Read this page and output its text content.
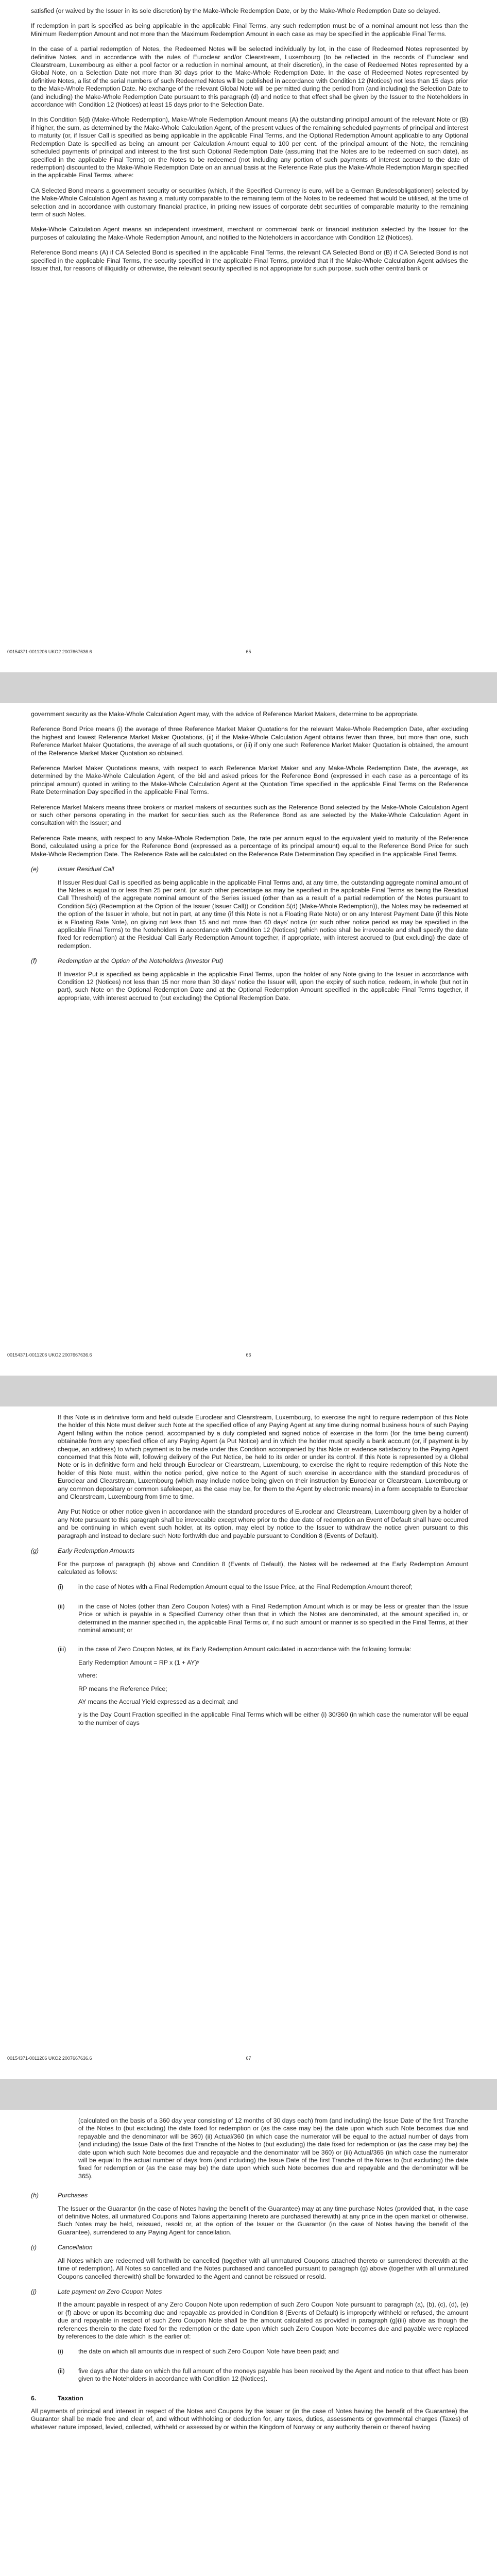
satisfied (or waived by the Issuer in its sole discretion) by the Make-Whole Redemption Date, or by the Make-Whole Redemption Date so delayed.

If redemption in part is specified as being applicable in the applicable Final Terms, any such redemption must be of a nominal amount not less than the Minimum Redemption Amount and not more than the Maximum Redemption Amount in each case as may be specified in the applicable Final Terms.

In the case of a partial redemption of Notes, the Redeemed Notes will be selected individually by lot, in the case of Redeemed Notes represented by definitive Notes, and in accordance with the rules of Euroclear and/or Clearstream, Luxembourg (to be reflected in the records of Euroclear and Clearstream, Luxembourg as either a pool factor or a reduction in nominal amount, at their discretion), in the case of Redeemed Notes represented by a Global Note, on a Selection Date not more than 30 days prior to the Make-Whole Redemption Date. In the case of Redeemed Notes represented by definitive Notes, a list of the serial numbers of such Redeemed Notes will be published in accordance with Condition 12 (Notices) not less than 15 days prior to the Make-Whole Redemption Date. No exchange of the relevant Global Note will be permitted during the period from (and including) the Selection Date to (and including) the Make-Whole Redemption Date pursuant to this paragraph (d) and notice to that effect shall be given by the Issuer to the Noteholders in accordance with Condition 12 (Notices) at least 15 days prior to the Selection Date.

In this Condition 5(d) (Make-Whole Redemption), Make-Whole Redemption Amount means (A) the outstanding principal amount of the relevant Note or (B) if higher, the sum, as determined by the Make-Whole Calculation Agent, of the present values of the remaining scheduled payments of principal and interest to maturity (or, if Issuer Call is specified as being applicable in the applicable Final Terms, and the Optional Redemption Amount applicable to any Optional Redemption Date is specified as being an amount per Calculation Amount equal to 100 per cent. of the principal amount of the Note, the remaining scheduled payments of principal and interest to the first such Optional Redemption Date (assuming that the Notes are to be redeemed on such date), as specified in the applicable Final Terms) on the Notes to be redeemed (not including any portion of such payments of interest accrued to the date of redemption) discounted to the Make-Whole Redemption Date on an annual basis at the Reference Rate plus the Make-Whole Redemption Margin specified in the applicable Final Terms, where:

CA Selected Bond means a government security or securities (which, if the Specified Currency is euro, will be a German Bundesobligationen) selected by the Make-Whole Calculation Agent as having a maturity comparable to the remaining term of the Notes to be redeemed that would be utilised, at the time of selection and in accordance with customary financial practice, in pricing new issues of corporate debt securities of comparable maturity to the remaining term of such Notes.

Make-Whole Calculation Agent means an independent investment, merchant or commercial bank or financial institution selected by the Issuer for the purposes of calculating the Make-Whole Redemption Amount, and notified to the Noteholders in accordance with Condition 12 (Notices).

Reference Bond means (A) if CA Selected Bond is specified in the applicable Final Terms, the relevant CA Selected Bond or (B) if CA Selected Bond is not specified in the applicable Final Terms, the security specified in the applicable Final Terms, provided that if the Make-Whole Calculation Agent advises the Issuer that, for reasons of illiquidity or otherwise, the relevant security specified is not appropriate for such purpose, such other central bank or

00154371-0011206 UKO2 2007667636.6	65

government security as the Make-Whole Calculation Agent may, with the advice of Reference Market Makers, determine to be appropriate.

Reference Bond Price means (i) the average of three Reference Market Maker Quotations for the relevant Make-Whole Redemption Date, after excluding the highest and lowest Reference Market Maker Quotations, (ii) if the Make-Whole Calculation Agent obtains fewer than three, but more than one, such Reference Market Maker Quotations, the average of all such quotations, or (iii) if only one such Reference Market Maker Quotation is obtained, the amount of the Reference Market Maker Quotation so obtained.

Reference Market Maker Quotations means, with respect to each Reference Market Maker and any Make-Whole Redemption Date, the average, as determined by the Make-Whole Calculation Agent, of the bid and asked prices for the Reference Bond (expressed in each case as a percentage of its principal amount) quoted in writing to the Make-Whole Calculation Agent at the Quotation Time specified in the applicable Final Terms on the Reference Rate Determination Day specified in the applicable Final Terms.

Reference Market Makers means three brokers or market makers of securities such as the Reference Bond selected by the Make-Whole Calculation Agent or such other persons operating in the market for securities such as the Reference Bond as are selected by the Make-Whole Calculation Agent in consultation with the Issuer; and

Reference Rate means, with respect to any Make-Whole Redemption Date, the rate per annum equal to the equivalent yield to maturity of the Reference Bond, calculated using a price for the Reference Bond (expressed as a percentage of its principal amount) equal to the Reference Bond Price for such Make-Whole Redemption Date. The Reference Rate will be calculated on the Reference Rate Determination Day specified in the applicable Final Terms.

(e)	Issuer Residual Call

If Issuer Residual Call is specified as being applicable in the applicable Final Terms and, at any time, the outstanding aggregate nominal amount of the Notes is equal to or less than 25 per cent. (or such other percentage as may be specified in the applicable Final Terms as being the Residual Call Threshold) of the aggregate nominal amount of the Series issued (other than as a result of a partial redemption of the Notes pursuant to Condition 5(c) (Redemption at the Option of the Issuer (Issuer Call)) or Condition 5(d) (Make-Whole Redemption)), the Notes may be redeemed at the option of the Issuer in whole, but not in part, at any time (if this Note is not a Floating Rate Note) or on any Interest Payment Date (if this Note is a Floating Rate Note), on giving not less than 15 and not more than 60 days' notice (or such other notice period as may be specified in the applicable Final Terms) to the Noteholders in accordance with Condition 12 (Notices) (which notice shall be irrevocable and shall specify the date fixed for redemption) at the Residual Call Early Redemption Amount together, if appropriate, with interest accrued to (but excluding) the date of redemption.

(f)	Redemption at the Option of the Noteholders (Investor Put)

If Investor Put is specified as being applicable in the applicable Final Terms, upon the holder of any Note giving to the Issuer in accordance with Condition 12 (Notices) not less than 15 nor more than 30 days' notice the Issuer will, upon the expiry of such notice, redeem, in whole (but not in part), such Note on the Optional Redemption Date and at the Optional Redemption Amount specified in the applicable Final Terms together, if appropriate, with interest accrued to (but excluding) the Optional Redemption Date.

00154371-0011206 UKO2 2007667636.6	66

If this Note is in definitive form and held outside Euroclear and Clearstream, Luxembourg, to exercise the right to require redemption of this Note the holder of this Note must deliver such Note at the specified office of any Paying Agent at any time during normal business hours of such Paying Agent falling within the notice period, accompanied by a duly completed and signed notice of exercise in the form (for the time being current) obtainable from any specified office of any Paying Agent (a Put Notice) and in which the holder must specify a bank account (or, if payment is by cheque, an address) to which payment is to be made under this Condition accompanied by this Note or evidence satisfactory to the Paying Agent concerned that this Note will, following delivery of the Put Notice, be held to its order or under its control. If this Note is represented by a Global Note or is in definitive form and held through Euroclear or Clearstream, Luxembourg, to exercise the right to require redemption of this Note the holder of this Note must, within the notice period, give notice to the Agent of such exercise in accordance with the standard procedures of Euroclear and Clearstream, Luxembourg (which may include notice being given on their instruction by Euroclear or Clearstream, Luxembourg or any common depositary or common safekeeper, as the case may be, for them to the Agent by electronic means) in a form acceptable to Euroclear and Clearstream, Luxembourg from time to time.

Any Put Notice or other notice given in accordance with the standard procedures of Euroclear and Clearstream, Luxembourg given by a holder of any Note pursuant to this paragraph shall be irrevocable except where prior to the due date of redemption an Event of Default shall have occurred and be continuing in which event such holder, at its option, may elect by notice to the Issuer to withdraw the notice given pursuant to this paragraph and instead to declare such Note forthwith due and payable pursuant to Condition 8 (Events of Default).

(g)	Early Redemption Amounts

For the purpose of paragraph (b) above and Condition 8 (Events of Default), the Notes will be redeemed at the Early Redemption Amount calculated as follows:

(i)	in the case of Notes with a Final Redemption Amount equal to the Issue Price, at the Final Redemption Amount thereof;

(ii)	in the case of Notes (other than Zero Coupon Notes) with a Final Redemption Amount which is or may be less or greater than the Issue Price or which is payable in a Specified Currency other than that in which the Notes are denominated, at the amount specified in, or determined in the manner specified in, the applicable Final Terms or, if no such amount or manner is so specified in the Final Terms, at their nominal amount; or

(iii)	in the case of Zero Coupon Notes, at its Early Redemption Amount calculated in accordance with the following formula:

Early Redemption Amount = RP x (1 + AY)ʸ

where:

RP means the Reference Price;

AY means the Accrual Yield expressed as a decimal; and

y is the Day Count Fraction specified in the applicable Final Terms which will be either (i) 30/360 (in which case the numerator will be equal to the number of days

00154371-0011206 UKO2 2007667636.6	67

(calculated on the basis of a 360 day year consisting of 12 months of 30 days each) from (and including) the Issue Date of the first Tranche of the Notes to (but excluding) the date fixed for redemption or (as the case may be) the date upon which such Note becomes due and repayable and the denominator will be 360) (ii) Actual/360 (in which case the numerator will be equal to the actual number of days from (and including) the Issue Date of the first Tranche of the Notes to (but excluding) the date fixed for redemption or (as the case may be) the date upon which such Note becomes due and repayable and the denominator will be 360) or (iii) Actual/365 (in which case the numerator will be equal to the actual number of days from (and including) the Issue Date of the first Tranche of the Notes to (but excluding) the date fixed for redemption or (as the case may be) the date upon which such Note becomes due and repayable and the denominator will be 365).

(h)	Purchases

The Issuer or the Guarantor (in the case of Notes having the benefit of the Guarantee) may at any time purchase Notes (provided that, in the case of definitive Notes, all unmatured Coupons and Talons appertaining thereto are purchased therewith) at any price in the open market or otherwise. Such Notes may be held, reissued, resold or, at the option of the Issuer or the Guarantor (in the case of Notes having the benefit of the Guarantee), surrendered to any Paying Agent for cancellation.

(i)	Cancellation

All Notes which are redeemed will forthwith be cancelled (together with all unmatured Coupons attached thereto or surrendered therewith at the time of redemption). All Notes so cancelled and the Notes purchased and cancelled pursuant to paragraph (g) above (together with all unmatured Coupons cancelled therewith) shall be forwarded to the Agent and cannot be reissued or resold.

(j)	Late payment on Zero Coupon Notes

If the amount payable in respect of any Zero Coupon Note upon redemption of such Zero Coupon Note pursuant to paragraph (a), (b), (c), (d), (e) or (f) above or upon its becoming due and repayable as provided in Condition 8 (Events of Default) is improperly withheld or refused, the amount due and repayable in respect of such Zero Coupon Note shall be the amount calculated as provided in paragraph (g)(iii) above as though the references therein to the date fixed for the redemption or the date upon which such Zero Coupon Note becomes due and payable were replaced by references to the date which is the earlier of:

(i)	the date on which all amounts due in respect of such Zero Coupon Note have been paid; and

(ii)	five days after the date on which the full amount of the moneys payable has been received by the Agent and notice to that effect has been given to the Noteholders in accordance with Condition 12 (Notices).

6.	Taxation

All payments of principal and interest in respect of the Notes and Coupons by the Issuer or (in the case of Notes having the benefit of the Guarantee) the Guarantor shall be made free and clear of, and without withholding or deduction for, any taxes, duties, assessments or governmental charges (Taxes) of whatever nature imposed, levied, collected, withheld or assessed by or within the Kingdom of Norway or any authority therein or thereof having
